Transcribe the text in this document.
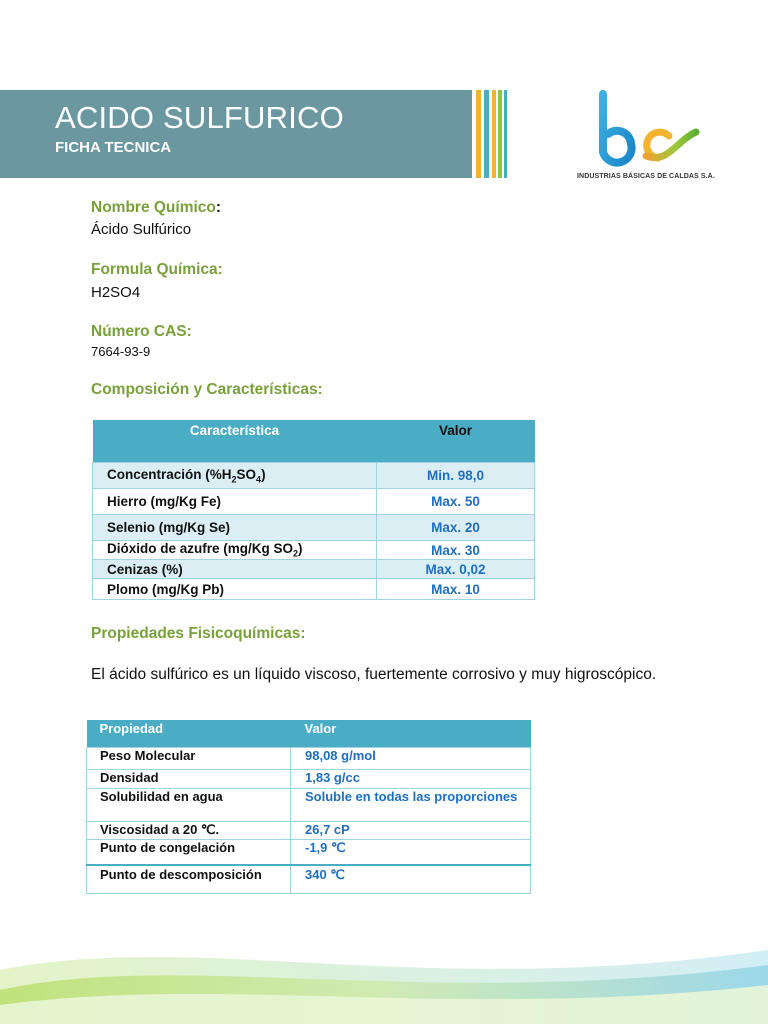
ACIDO SULFURICO
FICHA TECNICA
INDUSTRIAS BÁSICAS DE CALDAS S.A.
Nombre Químico:
Ácido Sulfúrico
Formula Química:
H2SO4
Número CAS:
7664-93-9
Composición y Características:
Característica	Valor
Concentración $(\%H_2SO_4)$	Min. 98,0
Hierro (mg/Kg Fe)	Max. 50
Selenio (mg/Kg Se)	Max. 20
Dióxido de azufre (mg/Kg $SO_2$)	Max. 30
Cenizas (%)	Max. 0,02
Plomo (mg/Kg Pb)	Max. 10
Propiedades Fisicoquímicas:
El ácido sulfúrico es un líquido viscoso, fuertemente corrosivo y muy higroscópico.
Propiedad	Valor
Peso Molecular	98,08 g/mol
Densidad	1,83 g/cc
Solubilidad en agua	Soluble en todas las proporciones
Viscosidad a 20 ℃.	26,7 cP
Punto de congelación	-1,9 ℃
Punto de descomposición	340 ℃
